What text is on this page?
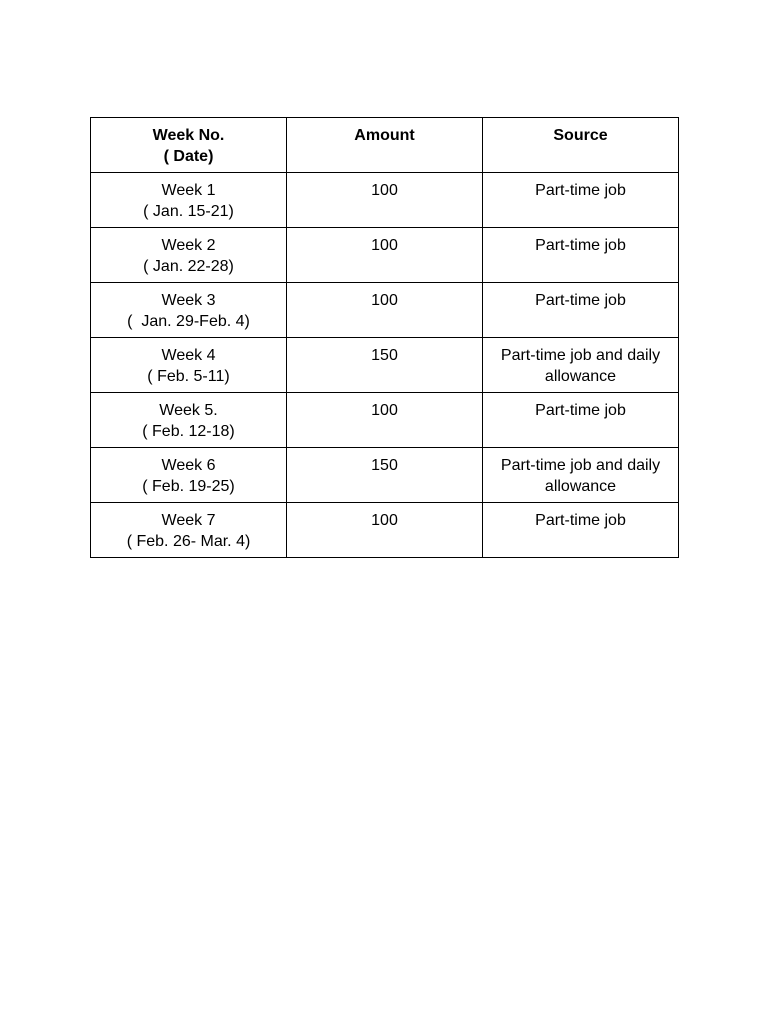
Week No.
( Date)	Amount	Source

Week 1
( Jan. 15-21)	100	Part-time job

Week 2
( Jan. 22-28)	100	Part-time job

Week 3
(  Jan. 29-Feb. 4)	100	Part-time job

Week 4
( Feb. 5-11)	150	Part-time job and daily allowance

Week 5.
( Feb. 12-18)	100	Part-time job

Week 6
( Feb. 19-25)	150	Part-time job and daily allowance

Week 7
( Feb. 26- Mar. 4)	100	Part-time job
